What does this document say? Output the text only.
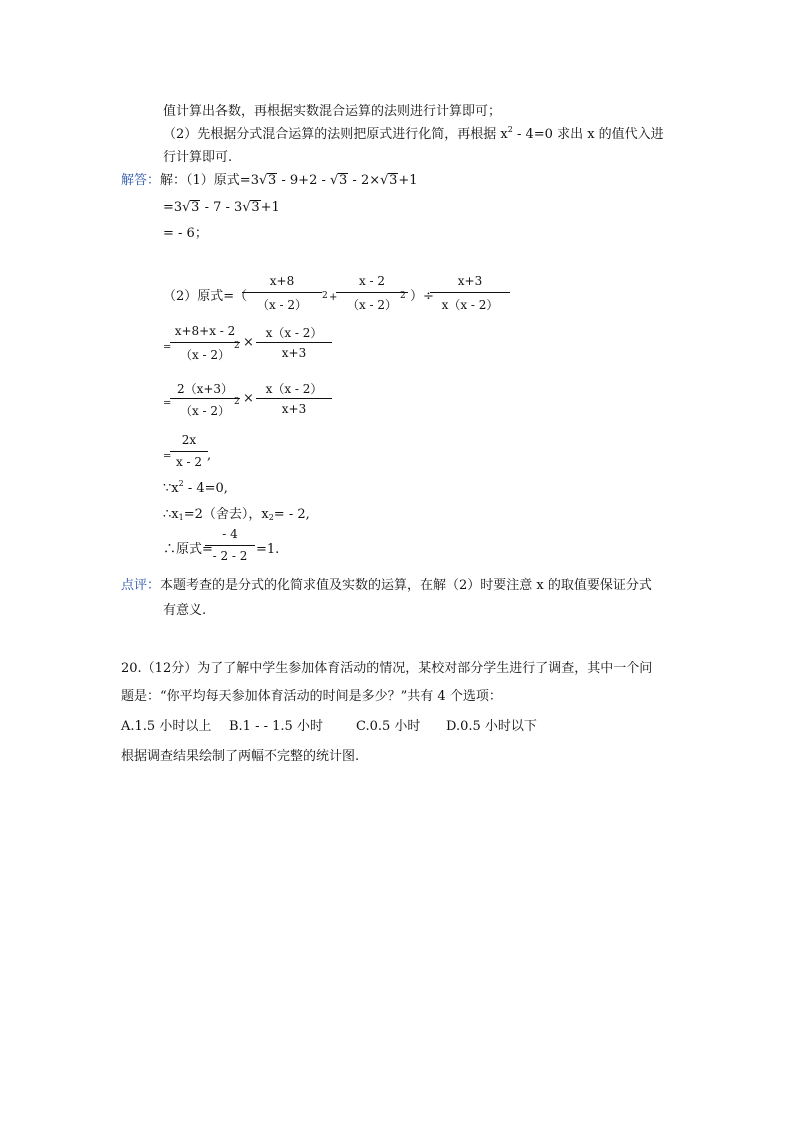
值计算出各数，再根据实数混合运算的法则进行计算即可；
（2）先根据分式混合运算的法则把原式进行化简，再根据 $x^2 - 4=0$ 求出 x 的值代入进
行计算即可.
解答：解：（1）原式=3√3 - 9+2 - √3 - 2×√3+1
=3√3 - 7 - 3√3+1
= - 6；
（2）原式=（
x+8
（x - 2）
2 +
x - 2
（x - 2）
2 ）÷
x+3
x（x - 2）
=
x+8+x - 2
（x - 2）
2 ×
x（x - 2）
x+3
=
2（x+3）
（x - 2）
2 ×
x（x - 2）
x+3
=
2x
x - 2 ,
$\because x^2 - 4=0$,
$\therefore x_1=2$（舍去），$x_2= - 2$,
∴原式=
- 4
- 2 - 2 =1.
点评：本题考查的是分式的化简求值及实数的运算，在解（2）时要注意 x 的取值要保证分式
有意义.
20.（12分）为了了解中学生参加体育活动的情况，某校对部分学生进行了调查，其中一个问
题是：“你平均每天参加体育活动的时间是多少？”共有 4 个选项：
A.1.5 小时以上 B.1 - - 1.5 小时	C.0.5 小时 D.0.5 小时以下
根据调查结果绘制了两幅不完整的统计图.
